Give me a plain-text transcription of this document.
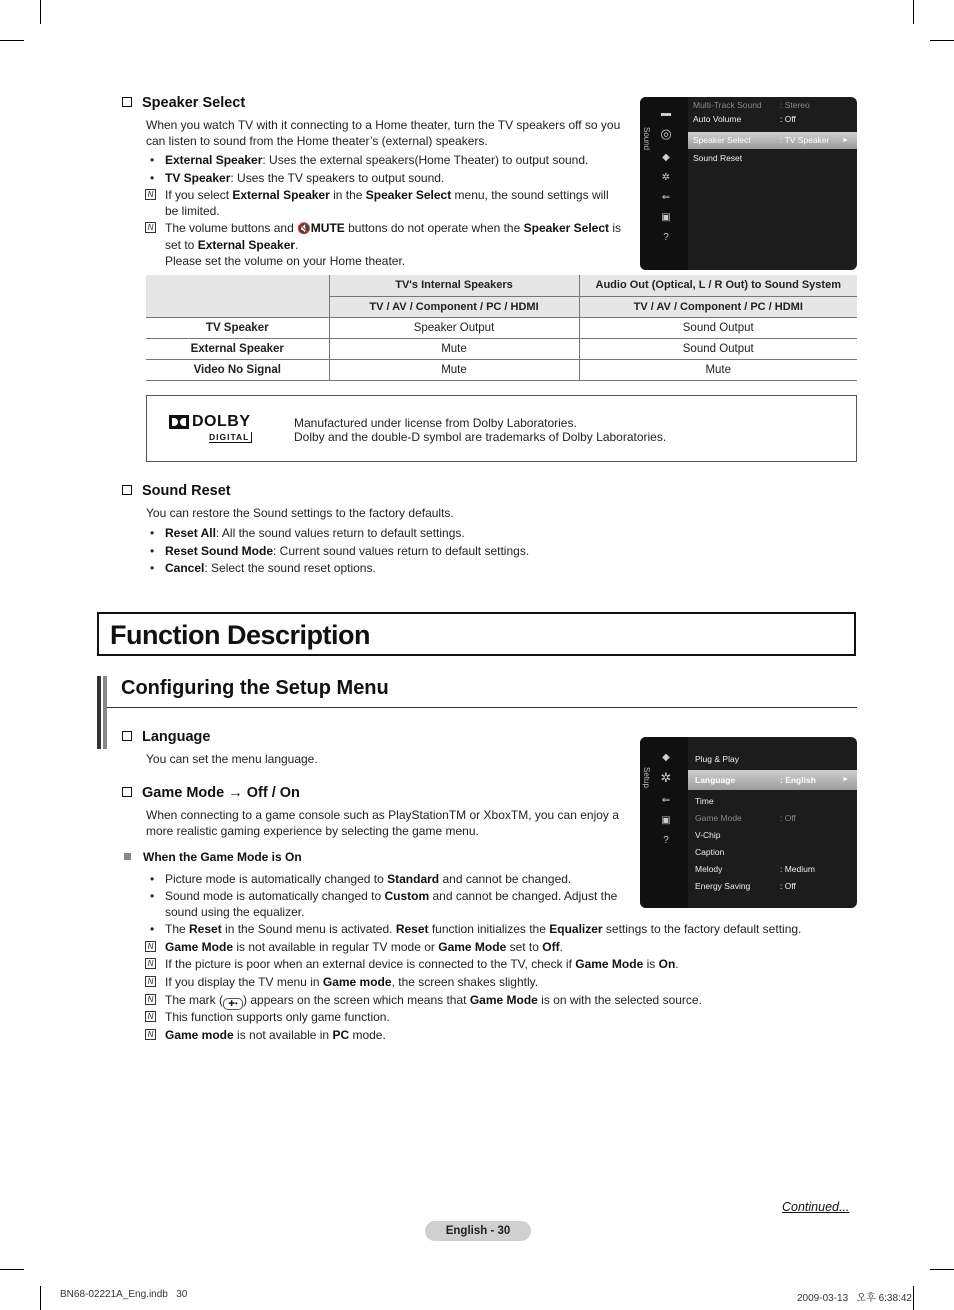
Speaker Select
When you watch TV with it connecting to a Home theater, turn the TV speakers off so you
can listen to sound from the Home theater’s (external) speakers.
• External Speaker: Uses the external speakers(Home Theater) to output sound.
• TV Speaker: Uses the TV speakers to output sound.
N If you select External Speaker in the Speaker Select menu, the sound settings will
be limited.
N The volume buttons and 🔇MUTE buttons do not operate when the Speaker Select is
set to External Speaker.
Please set the volume on your Home theater.
Sound
▬
◎
◆
✲
⇐
▣
?
Multi-Track Sound : Stereo
Auto Volume	: Off
Speaker Select	: TV Speaker ►
Sound Reset
	TV's Internal Speakers	Audio Out (Optical, L / R Out) to Sound System
	TV / AV / Component / PC / HDMI	TV / AV / Component / PC / HDMI
TV Speaker	Speaker Output	Sound Output
External Speaker	Mute	Sound Output
Video No Signal	Mute	Mute
DOLBY
DIGITAL
Manufactured under license from Dolby Laboratories.
Dolby and the double-D symbol are trademarks of Dolby Laboratories.
Sound Reset
You can restore the Sound settings to the factory defaults.
• Reset All: All the sound values return to default settings.
• Reset Sound Mode: Current sound values return to default settings.
• Cancel: Select the sound reset options.
Function Description
Configuring the Setup Menu
Language
You can set the menu language.
Game Mode → Off / On
When connecting to a game console such as PlayStationTM or XboxTM, you can enjoy a
more realistic gaming experience by selecting the game menu.
When the Game Mode is On
• Picture mode is automatically changed to Standard and cannot be changed.
• Sound mode is automatically changed to Custom and cannot be changed. Adjust the
sound using the equalizer.
• The Reset in the Sound menu is activated. Reset function initializes the Equalizer settings to the factory default setting.
N Game Mode is not available in regular TV mode or Game Mode set to Off.
N If the picture is poor when an external device is connected to the TV, check if Game Mode is On.
N If you display the TV menu in Game mode, the screen shakes slightly.
N The mark ( ✚• ) appears on the screen which means that Game Mode is on with the selected source.
N This function supports only game function.
N Game mode is not available in PC mode.
Setup
◆
✲
⇐
▣
?
Plug & Play
Language	: English	►
Time
Game Mode	: Off
V-Chip
Caption
Melody	: Medium
Energy Saving	: Off
Continued...
English - 30
BN68-02221A_Eng.indb   30	2009-03-13   오후 6:38:42
